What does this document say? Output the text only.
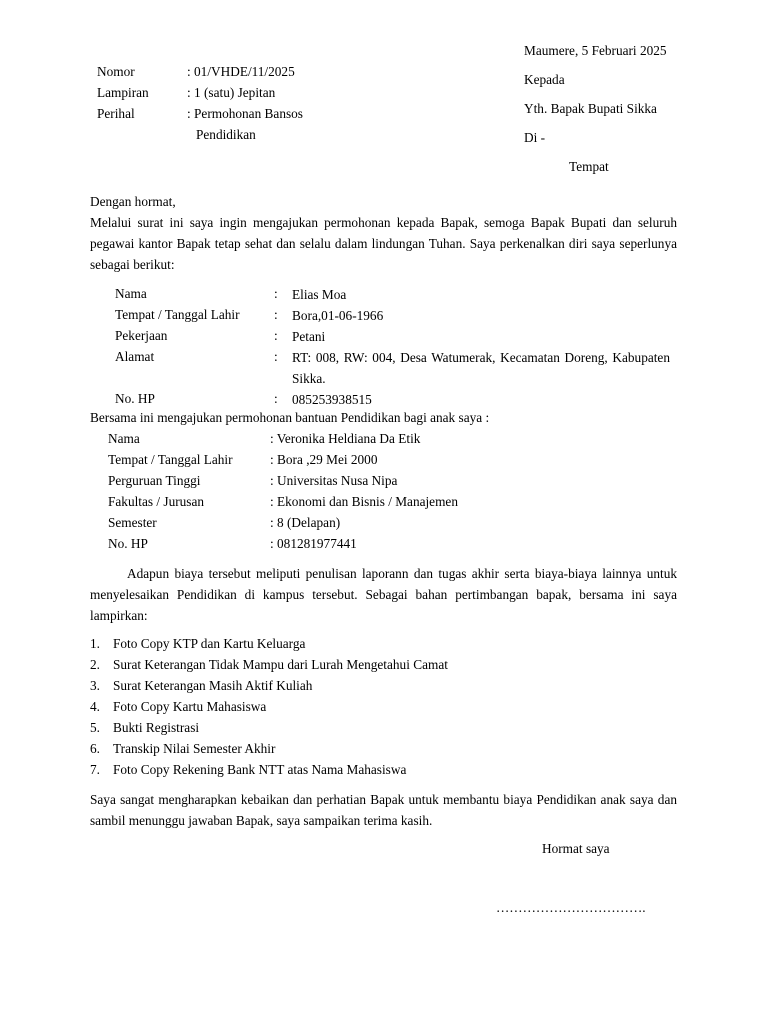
Maumere, 5 Februari 2025
Nomor	: 01/VHDE/11/2025
Lampiran	: 1 (satu) Jepitan
Perihal	: Permohonan Bansos
Pendidikan
Kepada
Yth. Bapak Bupati Sikka
Di -
Tempat
Dengan hormat,
Melalui surat ini saya ingin mengajukan permohonan kepada Bapak, semoga Bapak Bupati dan seluruh pegawai kantor Bapak tetap sehat dan selalu dalam lindungan Tuhan. Saya perkenalkan diri saya seperlunya sebagai berikut:
Nama	: Elias Moa
Tempat / Tanggal Lahir	: Bora,01-06-1966
Pekerjaan	: Petani
Alamat	: RT: 008, RW: 004, Desa Watumerak, Kecamatan Doreng, Kabupaten Sikka.
No. HP	: 085253938515
Bersama ini mengajukan permohonan bantuan Pendidikan bagi anak saya :
Nama	: Veronika Heldiana Da Etik
Tempat / Tanggal Lahir	: Bora ,29 Mei 2000
Perguruan Tinggi	: Universitas Nusa Nipa
Fakultas / Jurusan	: Ekonomi dan Bisnis / Manajemen
Semester	: 8 (Delapan)
No. HP	: 081281977441
Adapun biaya tersebut meliputi penulisan laporann dan tugas akhir serta biaya-biaya lainnya untuk menyelesaikan Pendidikan di kampus tersebut. Sebagai bahan pertimbangan bapak, bersama ini saya lampirkan:
1. Foto Copy KTP dan Kartu Keluarga
2. Surat Keterangan Tidak Mampu dari Lurah Mengetahui Camat
3. Surat Keterangan Masih Aktif Kuliah
4. Foto Copy Kartu Mahasiswa
5. Bukti Registrasi
6. Transkip Nilai Semester Akhir
7. Foto Copy Rekening Bank NTT atas Nama Mahasiswa
Saya sangat mengharapkan kebaikan dan perhatian Bapak untuk membantu biaya Pendidikan anak saya dan sambil menunggu jawaban Bapak, saya sampaikan terima kasih.
Hormat saya
…………………………….
